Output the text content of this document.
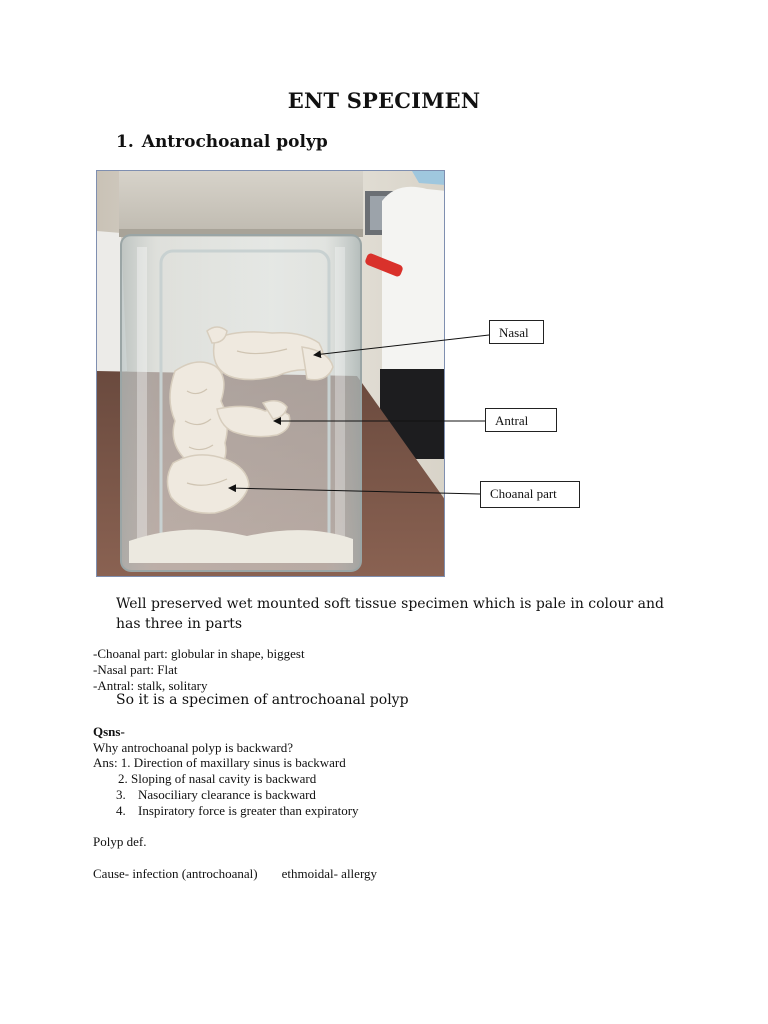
ENT SPECIMEN
1. Antrochoanal polyp
Nasal
Antral
Choanal part
Well preserved wet mounted soft tissue specimen which is pale in colour and has three in parts
-Choanal part: globular in shape, biggest
-Nasal part: Flat
-Antral: stalk, solitary
So it is a specimen of antrochoanal polyp
Qsns-
Why antrochoanal polyp is backward?
Ans: 1. Direction of maxillary sinus is backward
2. Sloping of nasal cavity is backward
3. Nasociliary clearance is backward
4. Inspiratory force is greater than expiratory
Polyp def.
Cause- infection (antrochoanal) ethmoidal- allergy
